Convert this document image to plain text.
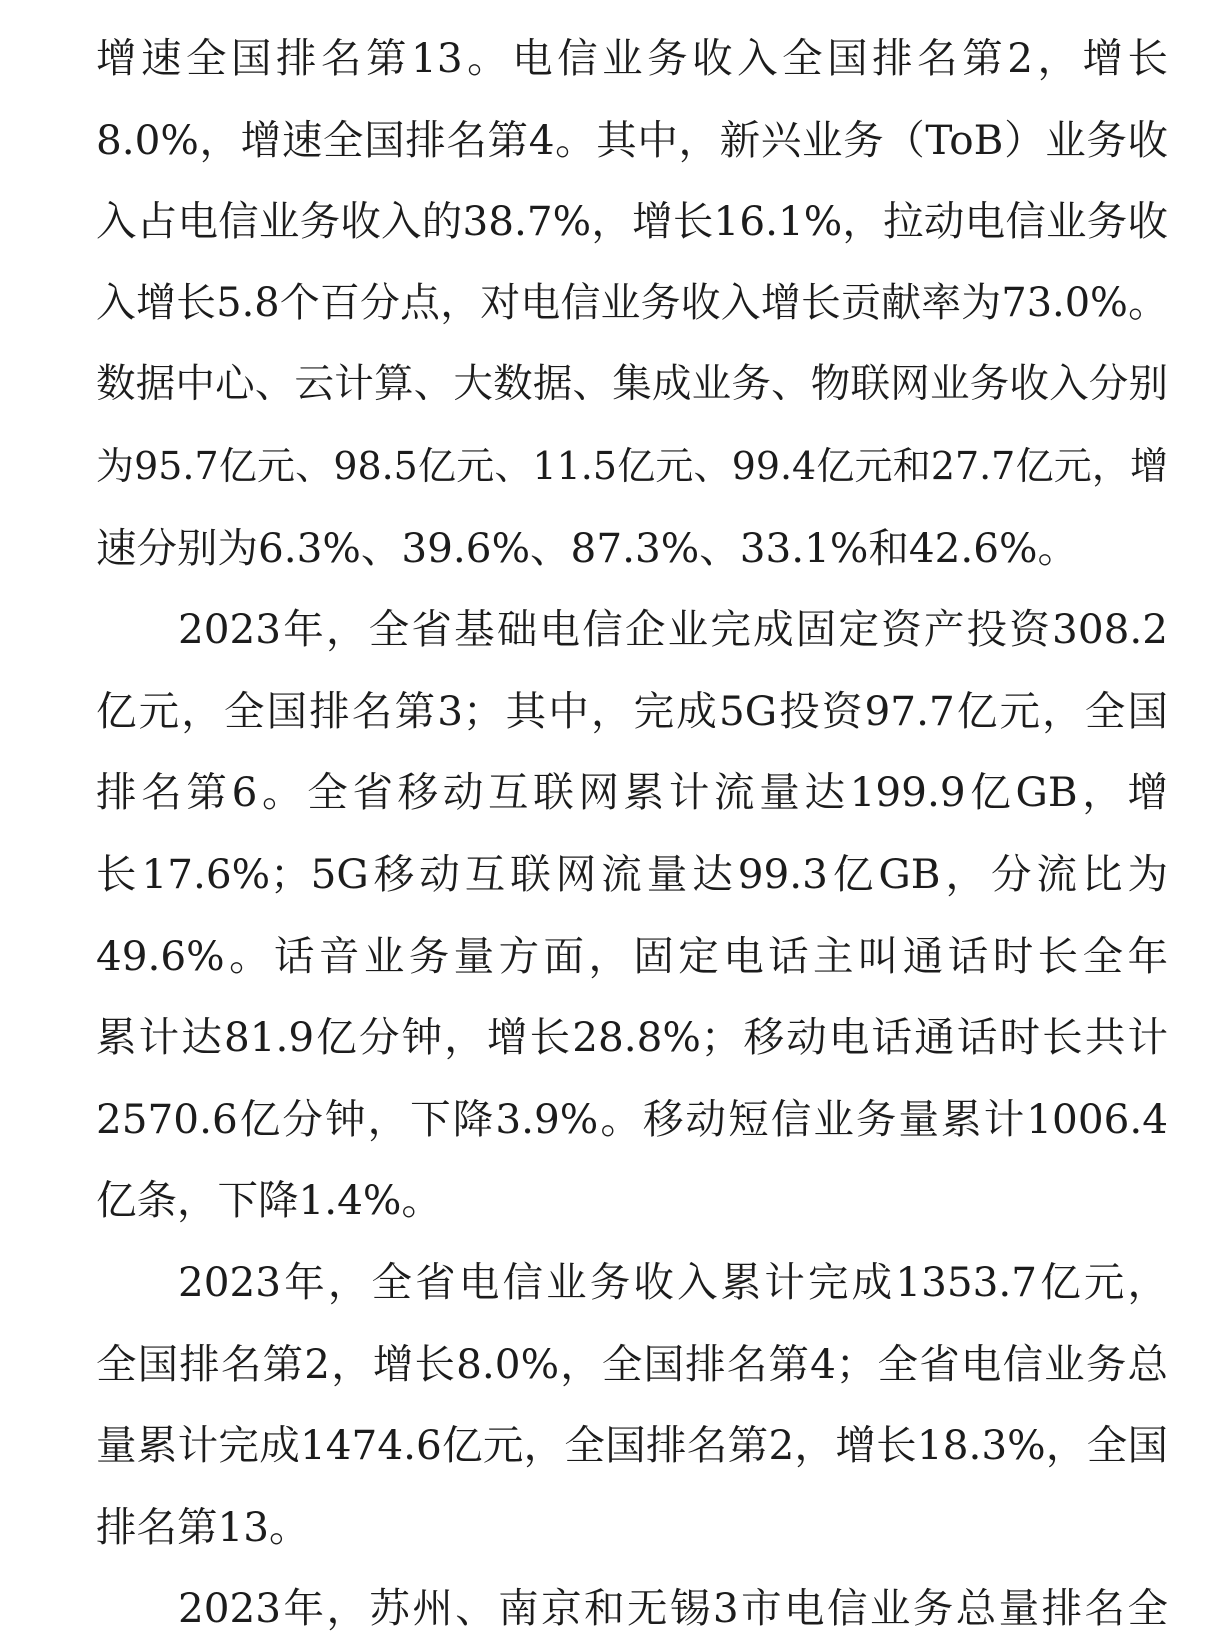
增速全国排名第13。电信业务收入全国排名第2，增长
8.0%，增速全国排名第4。其中，新兴业务（ToB）业务收
入占电信业务收入的38.7%，增长16.1%，拉动电信业务收
入增长5.8个百分点，对电信业务收入增长贡献率为73.0%。
数据中心、云计算、大数据、集成业务、物联网业务收入分别
为95.7亿元、98.5亿元、11.5亿元、99.4亿元和27.7亿元，增
速分别为6.3%、39.6%、87.3%、33.1%和42.6%。
2023年，全省基础电信企业完成固定资产投资308.2
亿元，全国排名第3；其中，完成5G投资97.7亿元，全国
排名第6。全省移动互联网累计流量达199.9亿GB，增
长17.6%；5G移动互联网流量达99.3亿GB，分流比为
49.6%。话音业务量方面，固定电话主叫通话时长全年
累计达81.9亿分钟，增长28.8%；移动电话通话时长共计
2570.6亿分钟，下降3.9%。移动短信业务量累计1006.4
亿条，下降1.4%。
2023年，全省电信业务收入累计完成1353.7亿元，
全国排名第2，增长8.0%，全国排名第4；全省电信业务总
量累计完成1474.6亿元，全国排名第2，增长18.3%，全国
排名第13。
2023年，苏州、南京和无锡3市电信业务总量排名全
